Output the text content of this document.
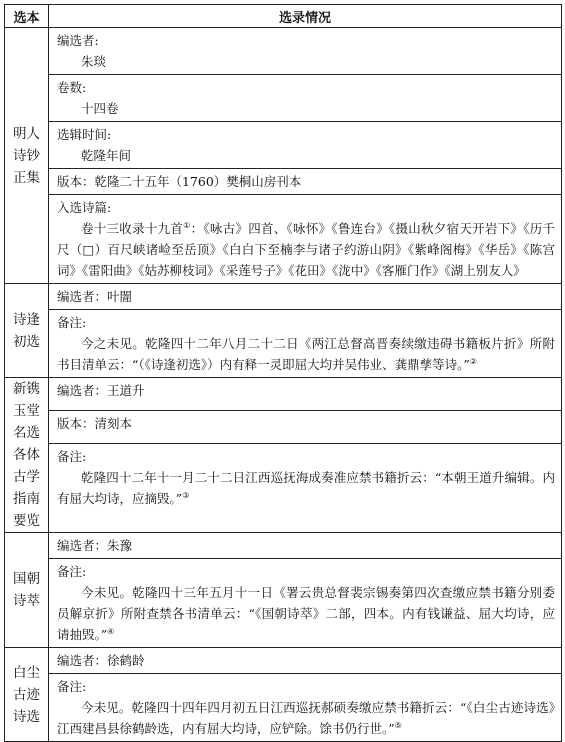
选本	选录情况
明人诗钞正集	编选者:
朱琰

	卷数:
十四卷

	选辑时间:
乾隆年间

	版本：乾隆二十五年（1760）樊桐山房刊本

	入选诗篇:
卷十三收录十九首①：《咏古》四首、《咏怀》《鲁连台》《摄山秋夕宿天开岩下》《历千尺（□）百尺峡诸崄至岳顶》《白白下至楠李与诸子约游山阴》《紫峰阁梅》《华岳》《陈宫词》《雷阳曲》《姑苏柳枝词》《采莲号子》《花田》《泷中》《客雁门作》《湖上别友人》

诗逢初选	编选者：叶闇

	备注:
今之未见。乾隆四十二年八月二十二日《两江总督高晋奏续缴违碍书籍板片折》所附书目清单云：“（《诗逢初选》）内有释一灵即屈大均并吴伟业、龚鼎孳等诗。”②

新镌玉堂名选各体古学指南要览	编选者：王道升
	版本：清刻本

	备注:
乾隆四十二年十一月二十二日江西巡抚海成奏准应禁书籍折云：“本朝王道升编辑。内有屈大均诗，应摘毁。”③

国朝诗萃	编选者：朱豫

	备注:
今未见。乾隆四十三年五月十一日《署云贵总督裴宗锡奏第四次查缴应禁书籍分别委员解京折》所附查禁各书清单云：“《国朝诗萃》二部，四本。内有钱谦益、屈大均诗，应请抽毁。”④

白尘古迹诗选	编选者：徐鹤龄

	备注:
今未见。乾隆四十四年四月初五日江西巡抚郝硕奏缴应禁书籍折云：“《白尘古迹诗选》江西建昌县徐鹤龄选，内有屈大均诗，应铲除。馀书仍行世。”⑤
